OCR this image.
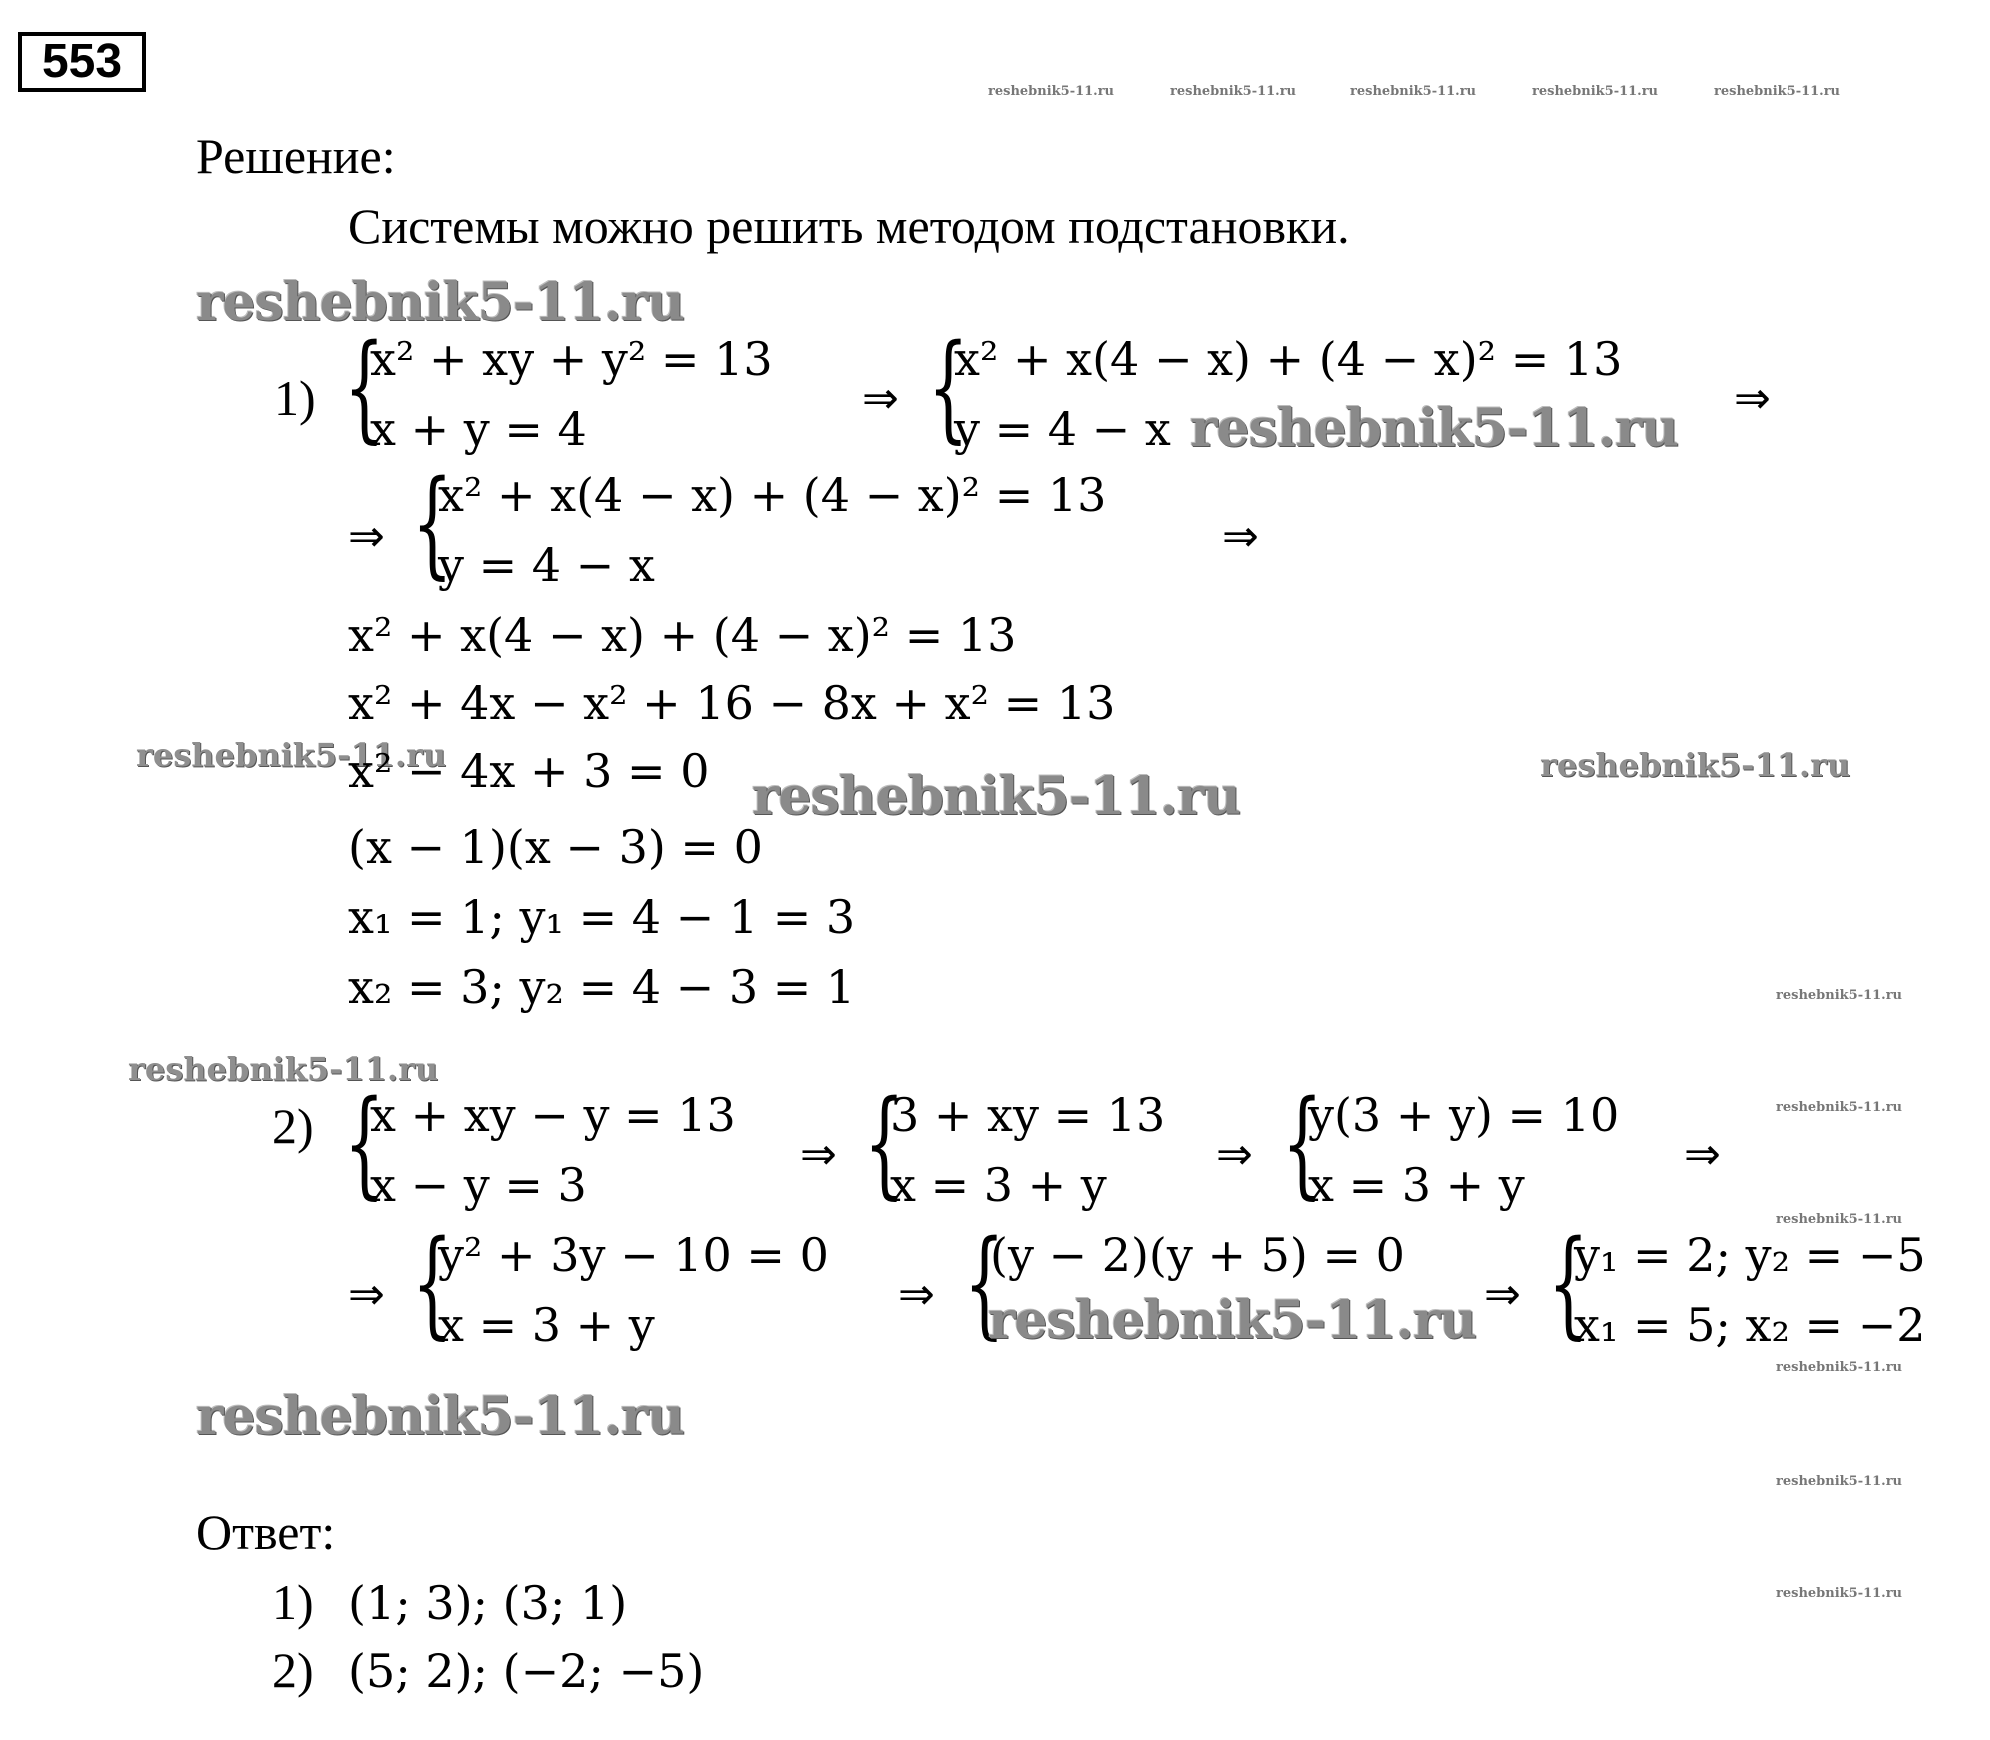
553
reshebnik5-11.ru	reshebnik5-11.ru	reshebnik5-11.ru	reshebnik5-11.ru	reshebnik5-11.ru
Решение:
Системы можно решить методом подстановки.
reshebnik5-11.ru
1) {
x² + xy + y² = 13
x + y = 4
⇒ {
x² + x(4 − x) + (4 − x)² = 13
y = 4 − x reshebnik5-11.ru ⇒
⇒ {
x² + x(4 − x) + (4 − x)² = 13
y = 4 − x
⇒
x² + x(4 − x) + (4 − x)² = 13
x² + 4x − x² + 16 − 8x + x² = 13
reshebnik5-11.ru
x² − 4x + 3 = 0 reshebnik5-11.ru
reshebnik5-11.ru
(x − 1)(x − 3) = 0
x₁ = 1; y₁ = 4 − 1 = 3
x₂ = 3; y₂ = 4 − 3 = 1	reshebnik5-11.ru
reshebnik5-11.ru
2) {
x + xy − y = 13
x − y = 3
⇒ {
3 + xy = 13
x = 3 + y
⇒ {
y(3 + y) = 10
x = 3 + y
⇒
reshebnik5-11.ru
reshebnik5-11.ru
⇒ {
y² + 3y − 10 = 0
x = 3 + y
⇒ {
(y − 2)(y + 5) = 0
reshebnik5-11.ru ⇒ {
y₁ = 2; y₂ = −5
x₁ = 5; x₂ = −2
reshebnik5-11.ru
reshebnik5-11.ru
reshebnik5-11.ru
Ответ:
1) (1; 3); (3; 1)	reshebnik5-11.ru
2) (5; 2); (−2; −5)
